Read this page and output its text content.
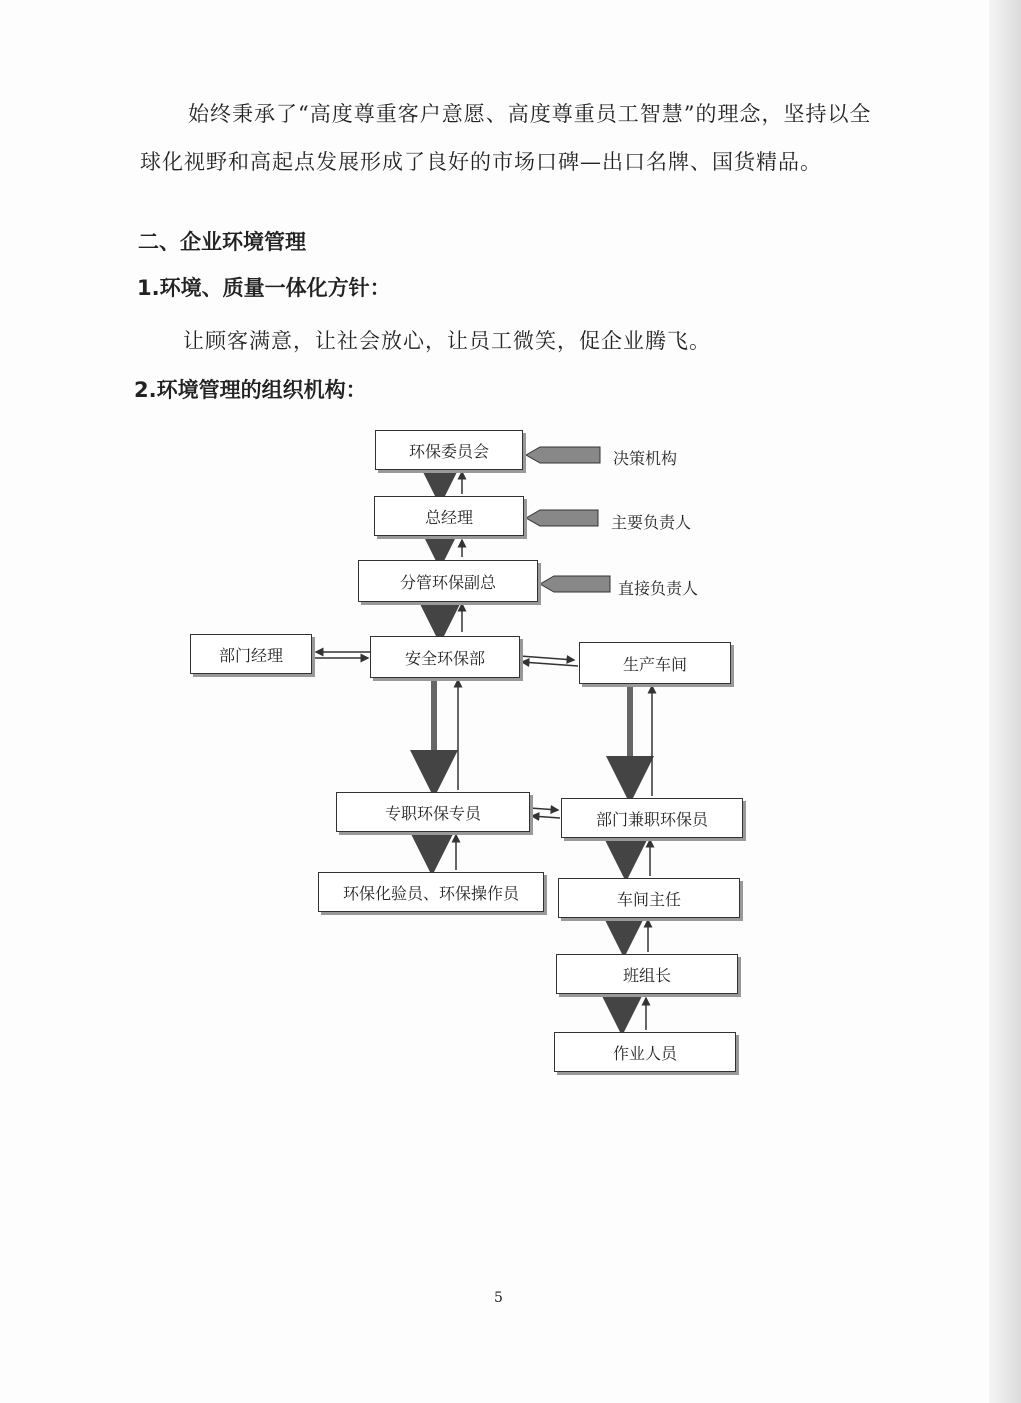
始终秉承了“高度尊重客户意愿、高度尊重员工智慧”的理念，坚持以全

球化视野和高起点发展形成了良好的市场口碑—出口名牌、国货精品。

二、企业环境管理

1.环境、质量一体化方针：

让顾客满意，让社会放心，让员工微笑，促企业腾飞。

2.环境管理的组织机构：

环保委员会
总经理
分管环保副总
部门经理	安全环保部	生产车间
专职环保专员	部门兼职环保员
环保化验员、环保操作员	车间主任
班组长
作业人员
决策机构
主要负责人
直接负责人
5
